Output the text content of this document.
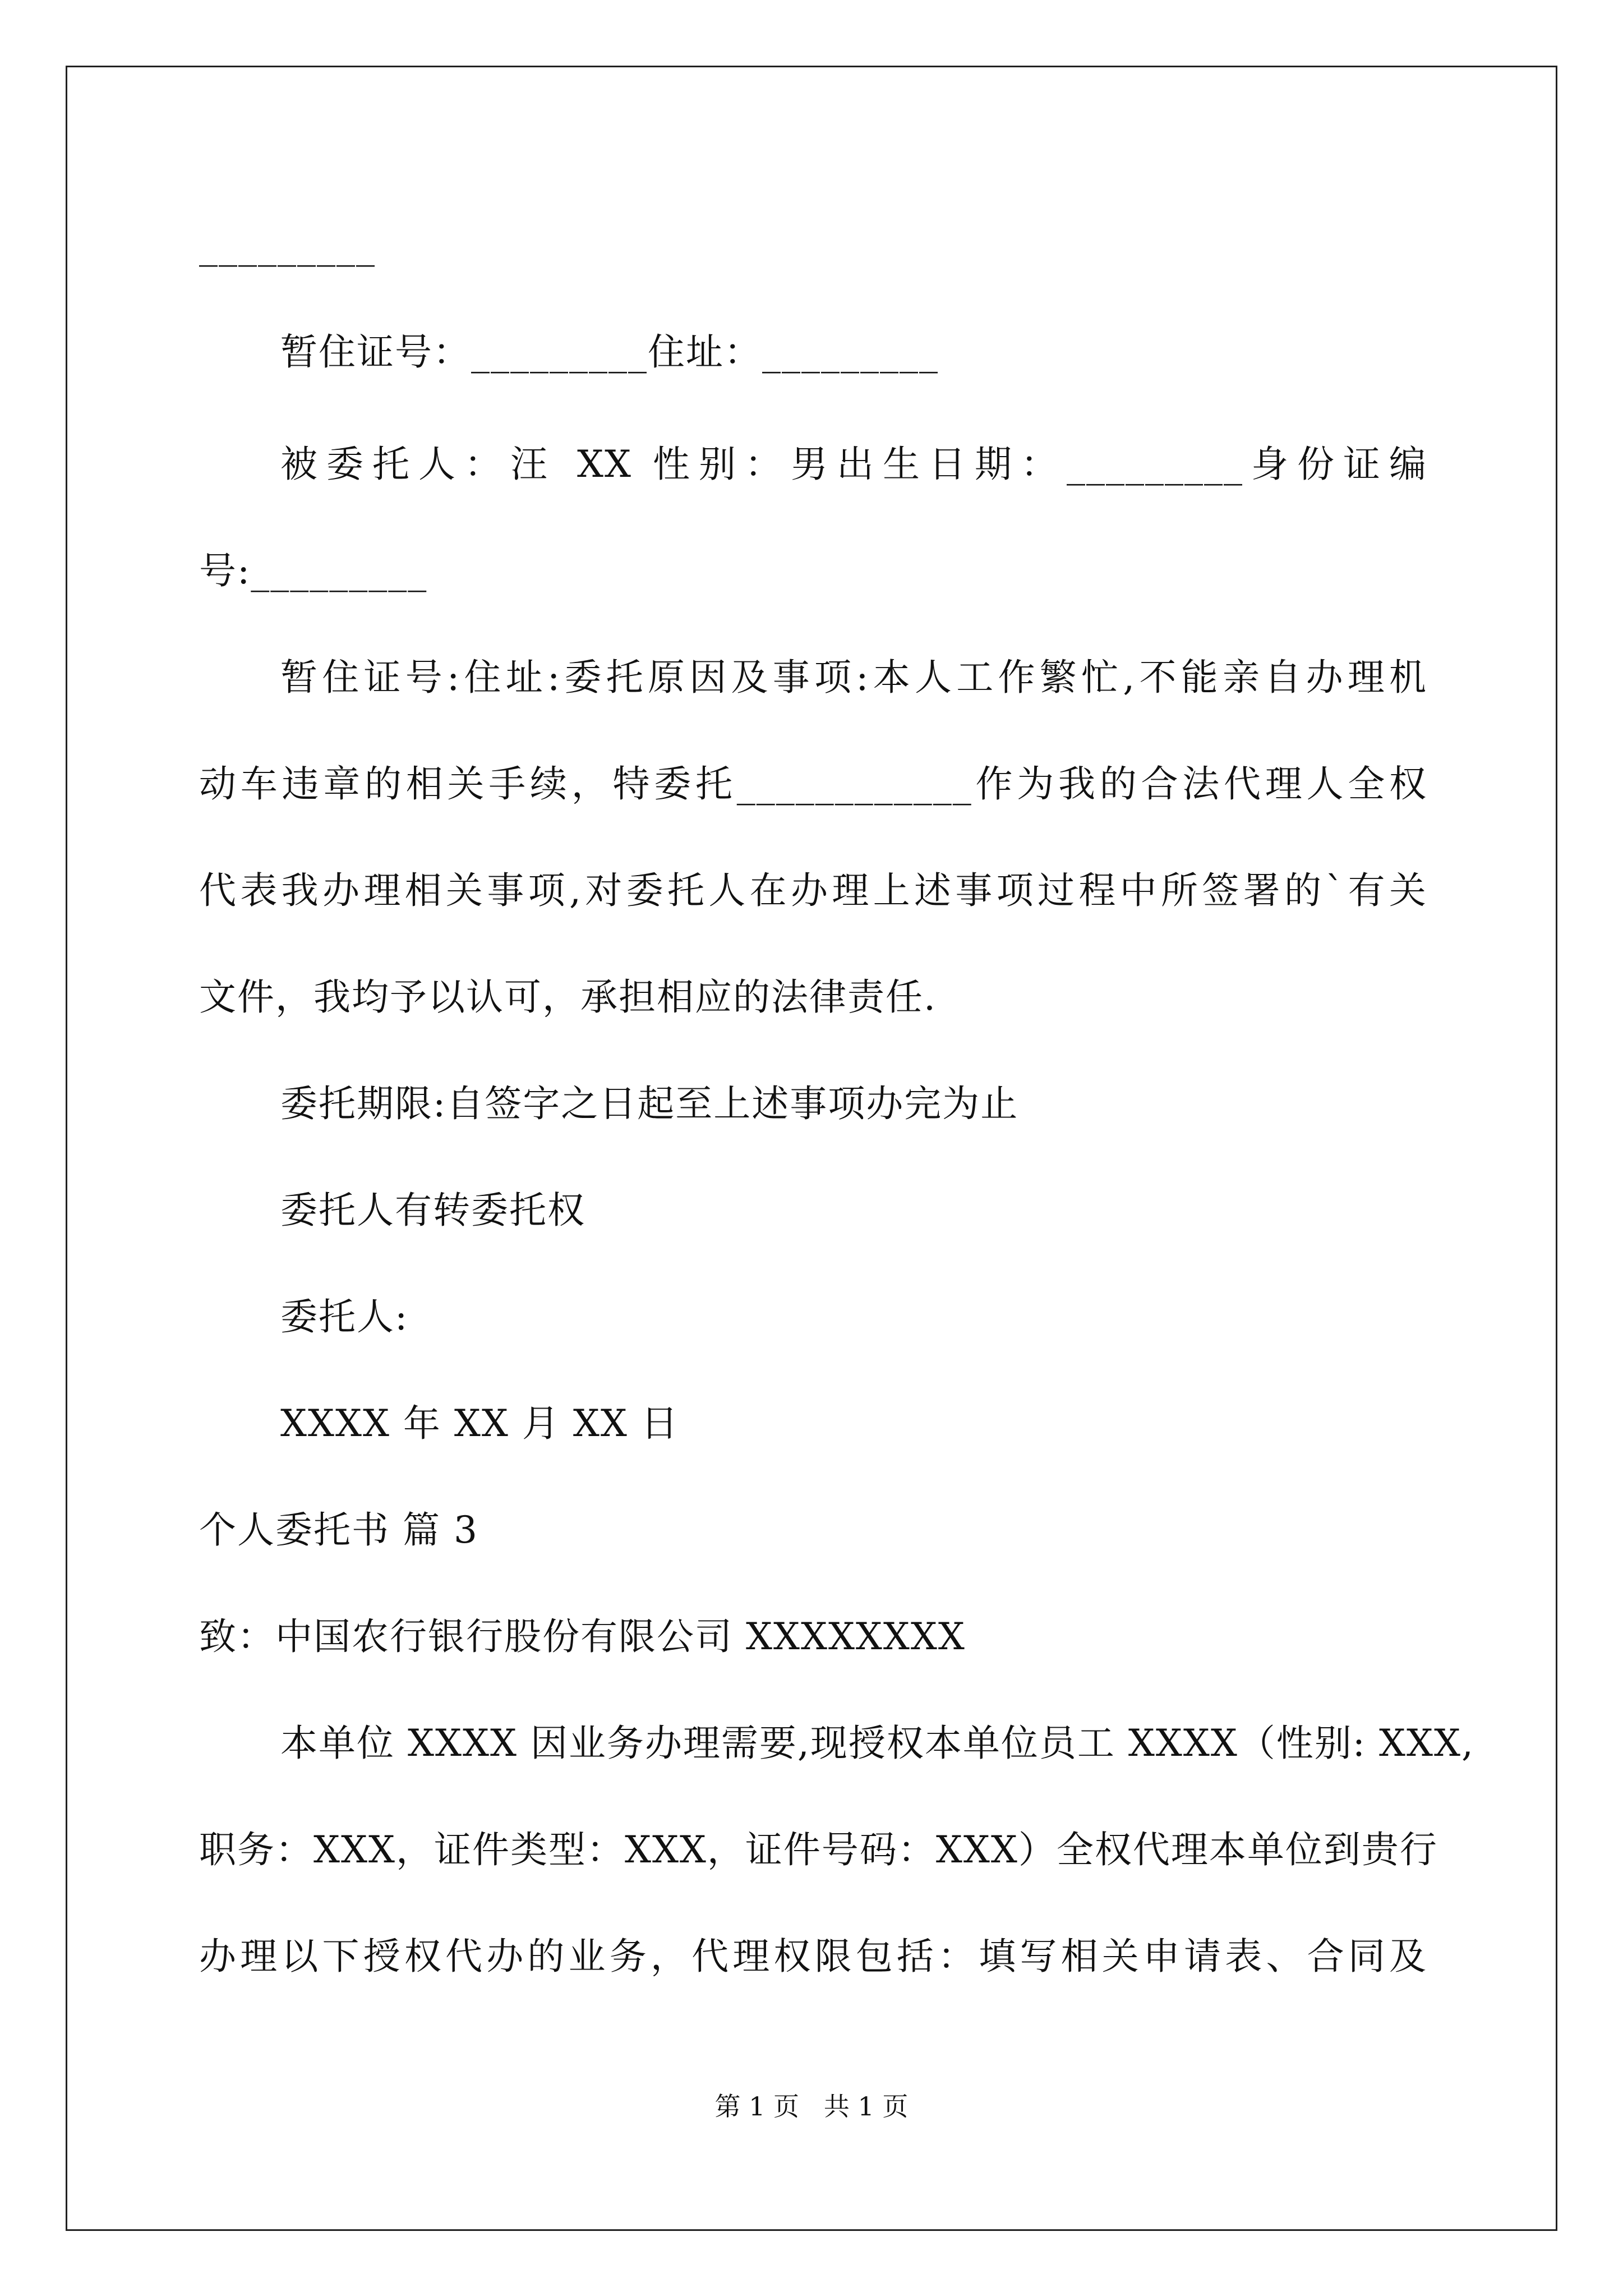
_________
暂住证号：_________住址：_________
被委托人：汪 XX 性别：男出生日期：_________身份证编
号:_________
暂住证号:住址:委托原因及事项:本人工作繁忙,不能亲自办理机
动车违章的相关手续，特委托____________作为我的合法代理人全权
代表我办理相关事项,对委托人在办理上述事项过程中所签署的`有关
文件，我均予以认可，承担相应的法律责任.
委托期限:自签字之日起至上述事项办完为止
委托人有转委托权
委托人:
XXXX 年 XX 月 XX 日
个人委托书 篇 3
致：中国农行银行股份有限公司 XXXXXXXX
本单位 XXXX 因业务办理需要,现授权本单位员工 XXXX（性别: XXX,
职务：XXX，证件类型：XXX，证件号码：XXX）全权代理本单位到贵行
办理以下授权代办的业务，代理权限包括：填写相关申请表、合同及
第 1 页   共 1 页
